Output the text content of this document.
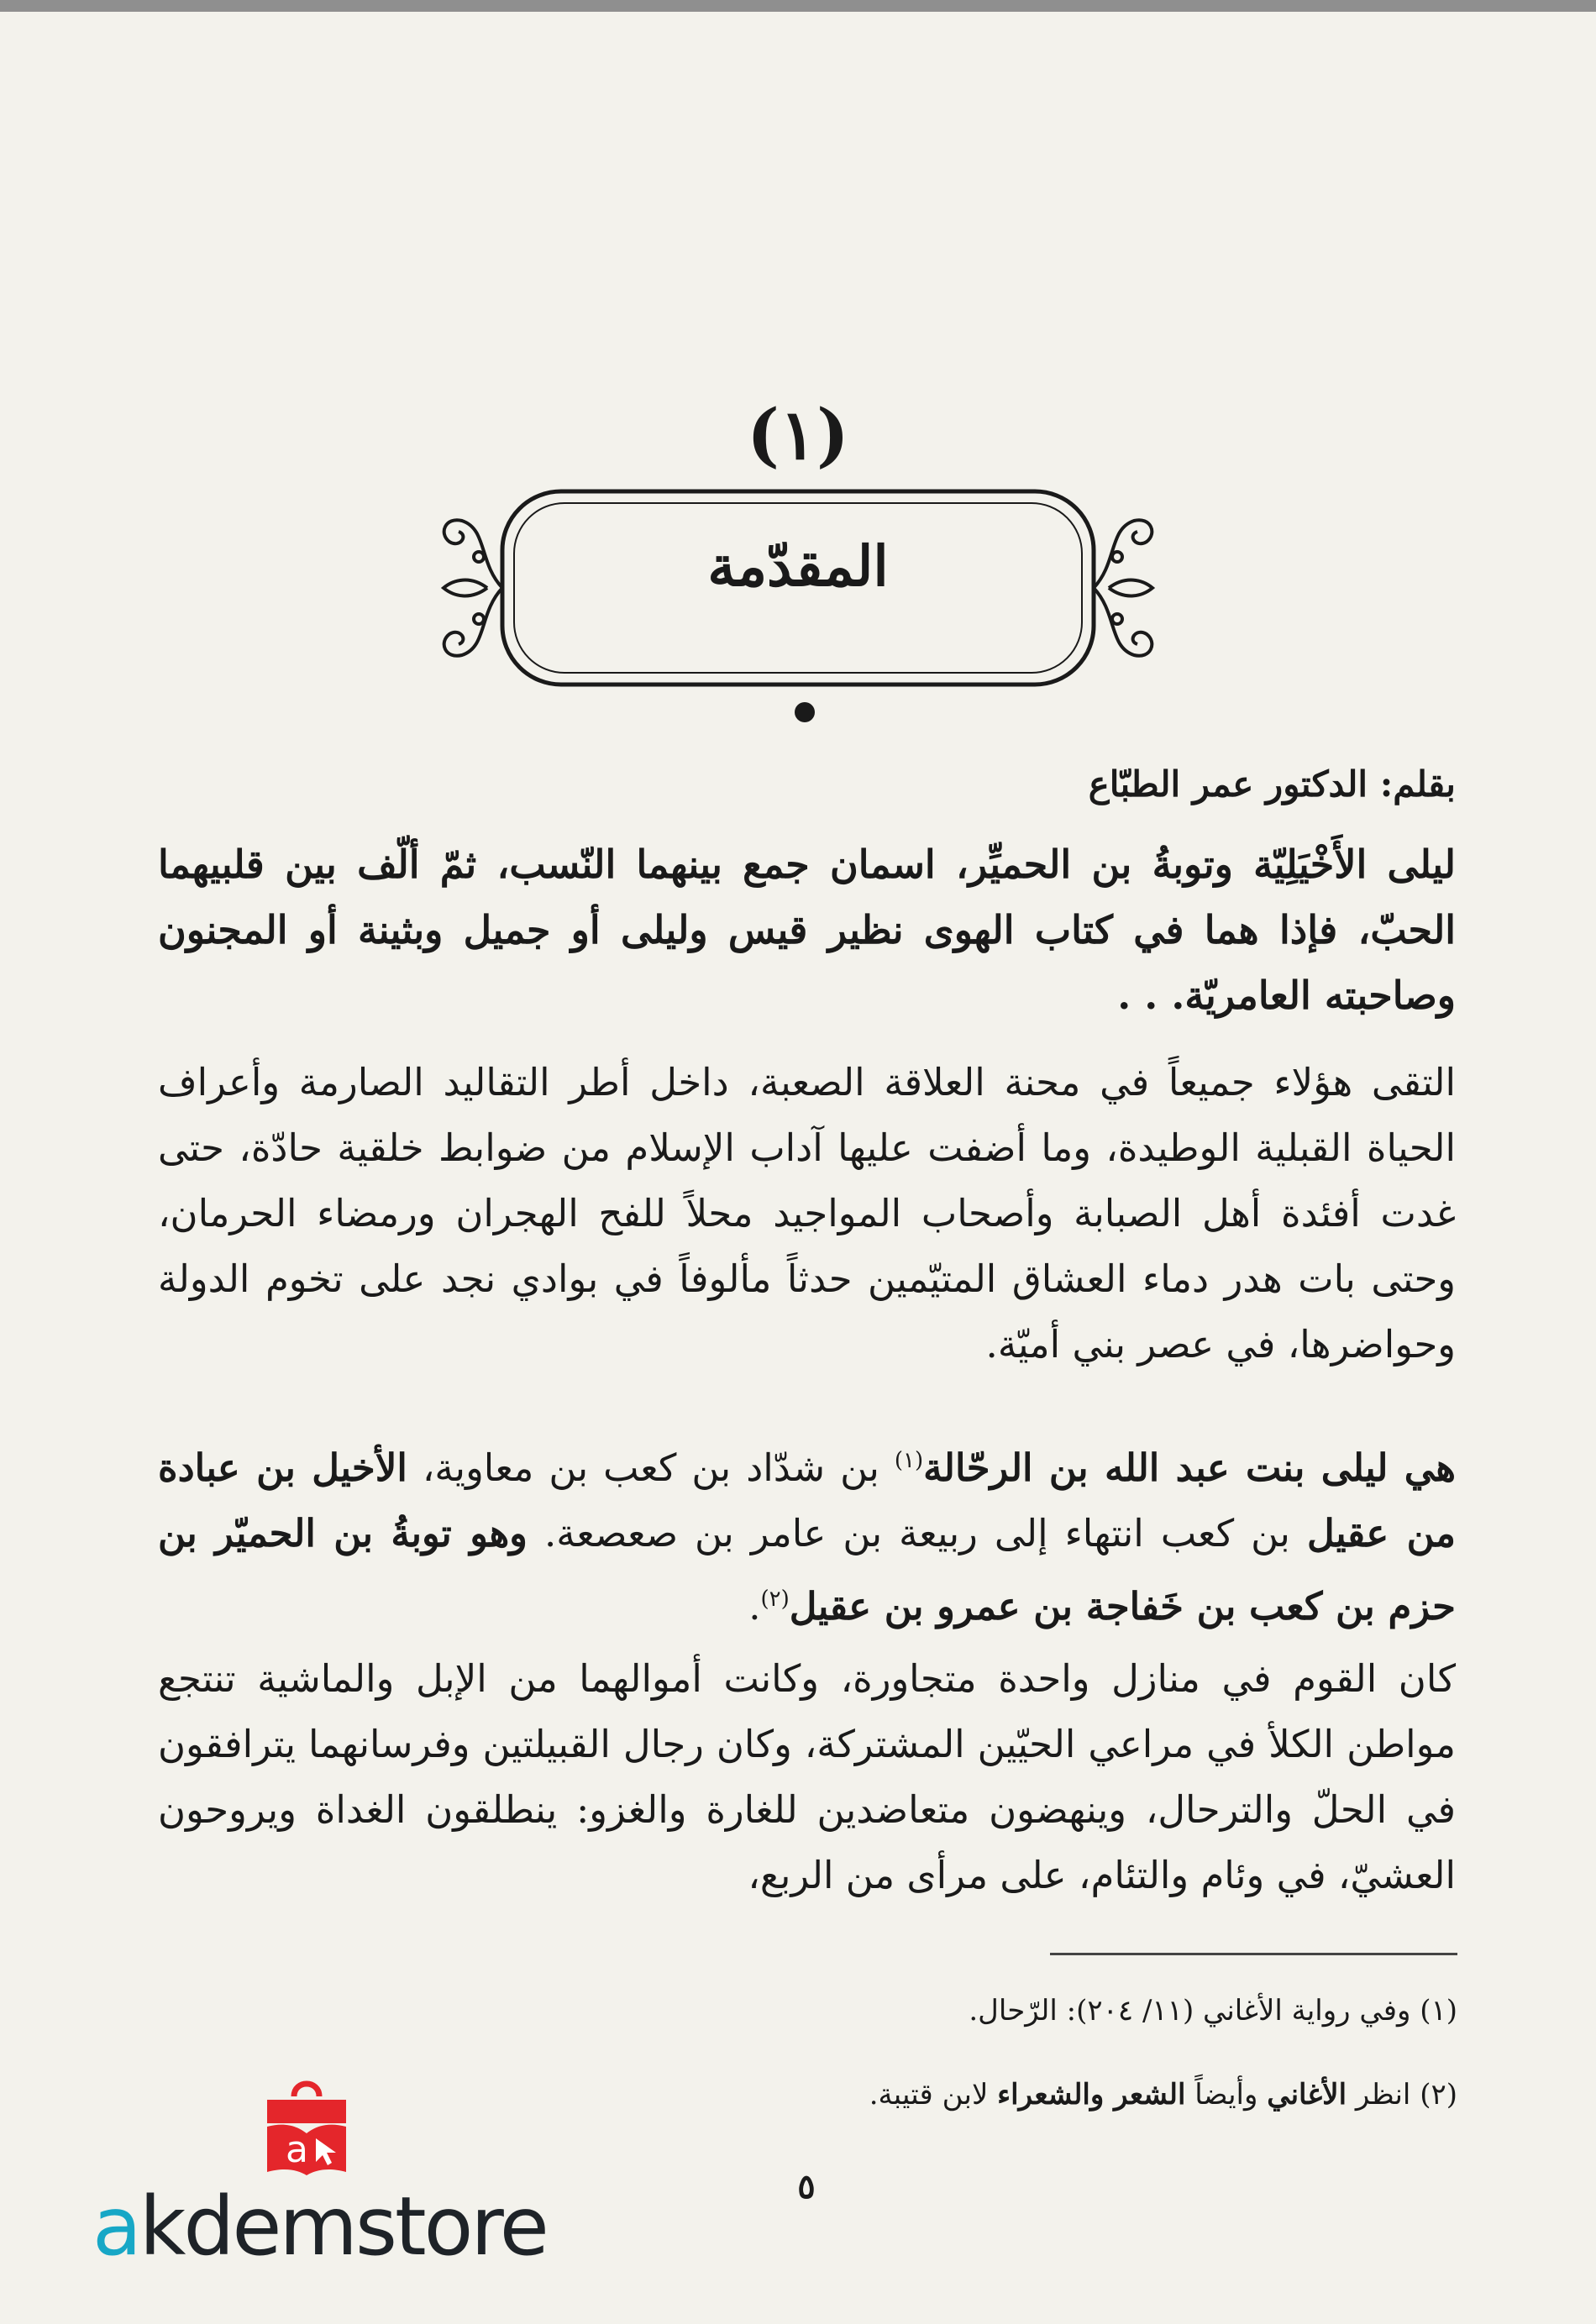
(١)
المقدّمة
بقلم: الدكتور عمر الطبّاع
ليلى الأَخْيَلِيّة وتوبةُ بن الحميِّر، اسمان جمع بينهما النّسب، ثمّ ألّف بين قلبيهما الحبّ، فإذا هما في كتاب الهوى نظير قيس وليلى أو جميل وبثينة أو المجنون وصاحبته العامريّة. . .
التقى هؤلاء جميعاً في محنة العلاقة الصعبة، داخل أطر التقاليد الصارمة وأعراف الحياة القبلية الوطيدة، وما أضفت عليها آداب الإسلام من ضوابط خلقية حادّة، حتى غدت أفئدة أهل الصبابة وأصحاب المواجيد محلاً للفح الهجران ورمضاء الحرمان، وحتى بات هدر دماء العشاق المتيّمين حدثاً مألوفاً في بوادي نجد على تخوم الدولة وحواضرها، في عصر بني أميّة.
هي ليلى بنت عبد الله بن الرحّالة$^{(١)}$ بن شدّاد بن كعب بن معاوية، الأخيل بن عبادة من عقيل بن كعب انتهاء إلى ربيعة بن عامر بن صعصعة. وهو توبةُ بن الحميّر بن حزم بن كعب بن خَفاجة بن عمرو بن عقيل$^{(٢)}$.
كان القوم في منازل واحدة متجاورة، وكانت أموالهما من الإبل والماشية تنتجع مواطن الكلأ في مراعي الحيّين المشتركة، وكان رجال القبيلتين وفرسانهما يترافقون في الحلّ والترحال، وينهضون متعاضدين للغارة والغزو: ينطلقون الغداة ويروحون العشيّ، في وئام والتئام، على مرأى من الربع،
(١) وفي رواية الأغاني (١١/ ٢٠٤): الرّحال.
(٢) انظر الأغاني وأيضاً الشعر والشعراء لابن قتيبة.
٥
a
akdemstore
